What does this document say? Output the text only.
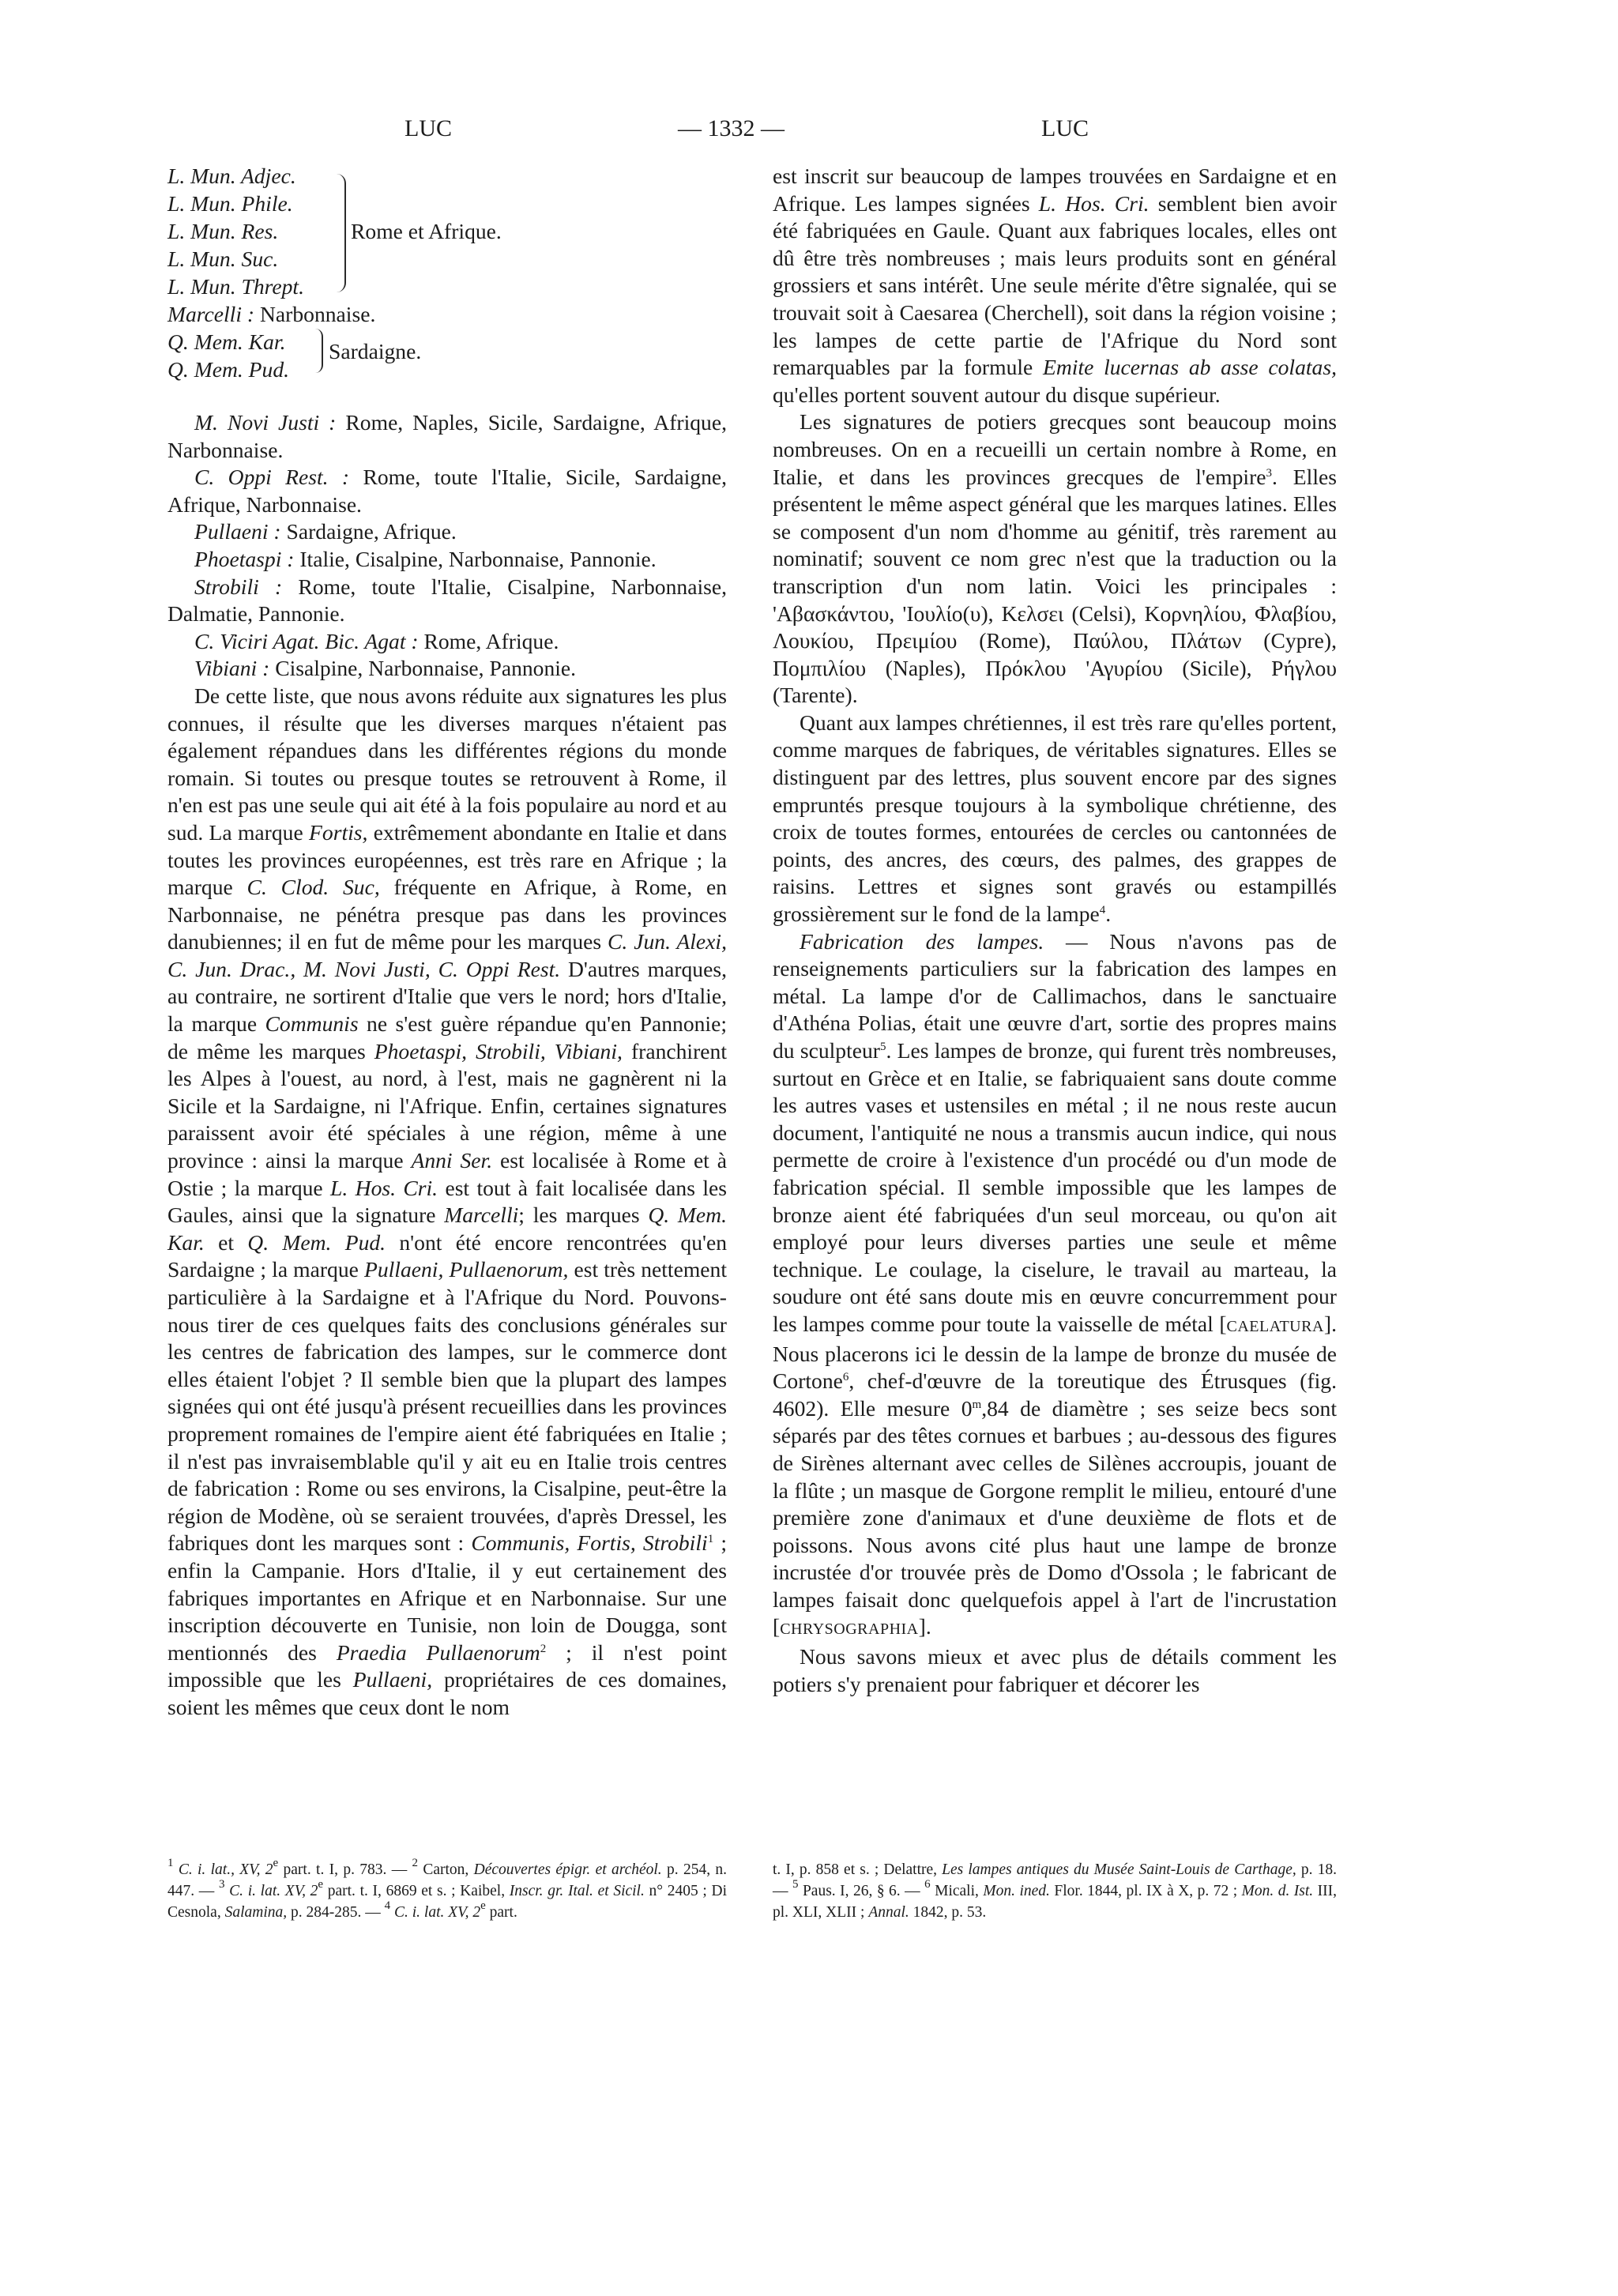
LUC	— 1332 —	LUC
L. Mun. Adjec.
L. Mun. Phile.
L. Mun. Res.
L. Mun. Suc.
L. Mun. Thrept.
Rome et Afrique.
Marcelli : Narbonnaise.
Q. Mem. Kar.
Q. Mem. Pud.
Sardaigne.

M. Novi Justi : Rome, Naples, Sicile, Sardaigne, Afrique, Narbonnaise.

C. Oppi Rest. : Rome, toute l'Italie, Sicile, Sardaigne, Afrique, Narbonnaise.

Pullaeni : Sardaigne, Afrique.

Phoetaspi : Italie, Cisalpine, Narbonnaise, Pannonie.

Strobili : Rome, toute l'Italie, Cisalpine, Narbonnaise, Dalmatie, Pannonie.

C. Viciri Agat. Bic. Agat : Rome, Afrique.

Vibiani : Cisalpine, Narbonnaise, Pannonie.

De cette liste, que nous avons réduite aux signatures les plus connues, il résulte que les diverses marques n'étaient pas également répandues dans les différentes régions du monde romain. Si toutes ou presque toutes se retrouvent à Rome, il n'en est pas une seule qui ait été à la fois populaire au nord et au sud. La marque Fortis, extrêmement abondante en Italie et dans toutes les provinces européennes, est très rare en Afrique ; la marque C. Clod. Suc, fréquente en Afrique, à Rome, en Narbonnaise, ne pénétra presque pas dans les provinces danubiennes; il en fut de même pour les marques C. Jun. Alexi, C. Jun. Drac., M. Novi Justi, C. Oppi Rest. D'autres marques, au contraire, ne sortirent d'Italie que vers le nord; hors d'Italie, la marque Communis ne s'est guère répandue qu'en Pannonie; de même les marques Phoetaspi, Strobili, Vibiani, franchirent les Alpes à l'ouest, au nord, à l'est, mais ne gagnèrent ni la Sicile et la Sardaigne, ni l'Afrique. Enfin, certaines signatures paraissent avoir été spéciales à une région, même à une province : ainsi la marque Anni Ser. est localisée à Rome et à Ostie ; la marque L. Hos. Cri. est tout à fait localisée dans les Gaules, ainsi que la signature Marcelli; les marques Q. Mem. Kar. et Q. Mem. Pud. n'ont été encore rencontrées qu'en Sardaigne ; la marque Pullaeni, Pullaenorum, est très nettement particulière à la Sardaigne et à l'Afrique du Nord. Pouvons-nous tirer de ces quelques faits des conclusions générales sur les centres de fabrication des lampes, sur le commerce dont elles étaient l'objet ? Il semble bien que la plupart des lampes signées qui ont été jusqu'à présent recueillies dans les provinces proprement romaines de l'empire aient été fabriquées en Italie ; il n'est pas invraisemblable qu'il y ait eu en Italie trois centres de fabrication : Rome ou ses environs, la Cisalpine, peut-être la région de Modène, où se seraient trouvées, d'après Dressel, les fabriques dont les marques sont : Communis, Fortis, Strobili$^1$ ; enfin la Campanie. Hors d'Italie, il y eut certainement des fabriques importantes en Afrique et en Narbonnaise. Sur une inscription découverte en Tunisie, non loin de Dougga, sont mentionnés des Praedia Pullaenorum$^2$ ; il n'est point impossible que les Pullaeni, propriétaires de ces domaines, soient les mêmes que ceux dont le nom

est inscrit sur beaucoup de lampes trouvées en Sardaigne et en Afrique. Les lampes signées L. Hos. Cri. semblent bien avoir été fabriquées en Gaule. Quant aux fabriques locales, elles ont dû être très nombreuses ; mais leurs produits sont en général grossiers et sans intérêt. Une seule mérite d'être signalée, qui se trouvait soit à Caesarea (Cherchell), soit dans la région voisine ; les lampes de cette partie de l'Afrique du Nord sont remarquables par la formule Emite lucernas ab asse colatas, qu'elles portent souvent autour du disque supérieur.

Les signatures de potiers grecques sont beaucoup moins nombreuses. On en a recueilli un certain nombre à Rome, en Italie, et dans les provinces grecques de l'empire$^3$. Elles présentent le même aspect général que les marques latines. Elles se composent d'un nom d'homme au génitif, très rarement au nominatif; souvent ce nom grec n'est que la traduction ou la transcription d'un nom latin. Voici les principales : 'Αβασκάντου, 'Ιουλίο(υ), Κελσει (Celsi), Κορνηλίου, Φλαβίου, Λουκίου, Πρειμίου (Rome), Παύλου, Πλάτων (Cypre), Πομπιλίου (Naples), Πρόκλου 'Αγυρίου (Sicile), Ρήγλου (Tarente).

Quant aux lampes chrétiennes, il est très rare qu'elles portent, comme marques de fabriques, de véritables signatures. Elles se distinguent par des lettres, plus souvent encore par des signes empruntés presque toujours à la symbolique chrétienne, des croix de toutes formes, entourées de cercles ou cantonnées de points, des ancres, des cœurs, des palmes, des grappes de raisins. Lettres et signes sont gravés ou estampillés grossièrement sur le fond de la lampe$^4$.

Fabrication des lampes. — Nous n'avons pas de renseignements particuliers sur la fabrication des lampes en métal. La lampe d'or de Callimachos, dans le sanctuaire d'Athéna Polias, était une œuvre d'art, sortie des propres mains du sculpteur$^5$. Les lampes de bronze, qui furent très nombreuses, surtout en Grèce et en Italie, se fabriquaient sans doute comme les autres vases et ustensiles en métal ; il ne nous reste aucun document, l'antiquité ne nous a transmis aucun indice, qui nous permette de croire à l'existence d'un procédé ou d'un mode de fabrication spécial. Il semble impossible que les lampes de bronze aient été fabriquées d'un seul morceau, ou qu'on ait employé pour leurs diverses parties une seule et même technique. Le coulage, la ciselure, le travail au marteau, la soudure ont été sans doute mis en œuvre concurremment pour les lampes comme pour toute la vaisselle de métal [CAELATURA]. Nous placerons ici le dessin de la lampe de bronze du musée de Cortone$^6$, chef-d'œuvre de la toreutique des Étrusques (fig. 4602). Elle mesure 0$^m$,84 de diamètre ; ses seize becs sont séparés par des têtes cornues et barbues ; au-dessous des figures de Sirènes alternant avec celles de Silènes accroupis, jouant de la flûte ; un masque de Gorgone remplit le milieu, entouré d'une première zone d'animaux et d'une deuxième de flots et de poissons. Nous avons cité plus haut une lampe de bronze incrustée d'or trouvée près de Domo d'Ossola ; le fabricant de lampes faisait donc quelquefois appel à l'art de l'incrustation [CHRYSOGRAPHIA].

Nous savons mieux et avec plus de détails comment les potiers s'y prenaient pour fabriquer et décorer les

$^1$ C. i. lat., XV, 2e part. t. I, p. 783. — $^2$ Carton, Découvertes épigr. et archéol. p. 254, n. 447. — $^3$ C. i. lat. XV, 2e part. t. I, 6869 et s. ; Kaibel, Inscr. gr. Ital. et Sicil. n° 2405 ; Di Cesnola, Salamina, p. 284-285. — $^4$ C. i. lat. XV, 2e part.
t. I, p. 858 et s. ; Delattre, Les lampes antiques du Musée Saint-Louis de Carthage, p. 18. — $^5$ Paus. I, 26, § 6. — $^6$ Micali, Mon. ined. Flor. 1844, pl. IX à X, p. 72 ; Mon. d. Ist. III, pl. XLI, XLII ; Annal. 1842, p. 53.
